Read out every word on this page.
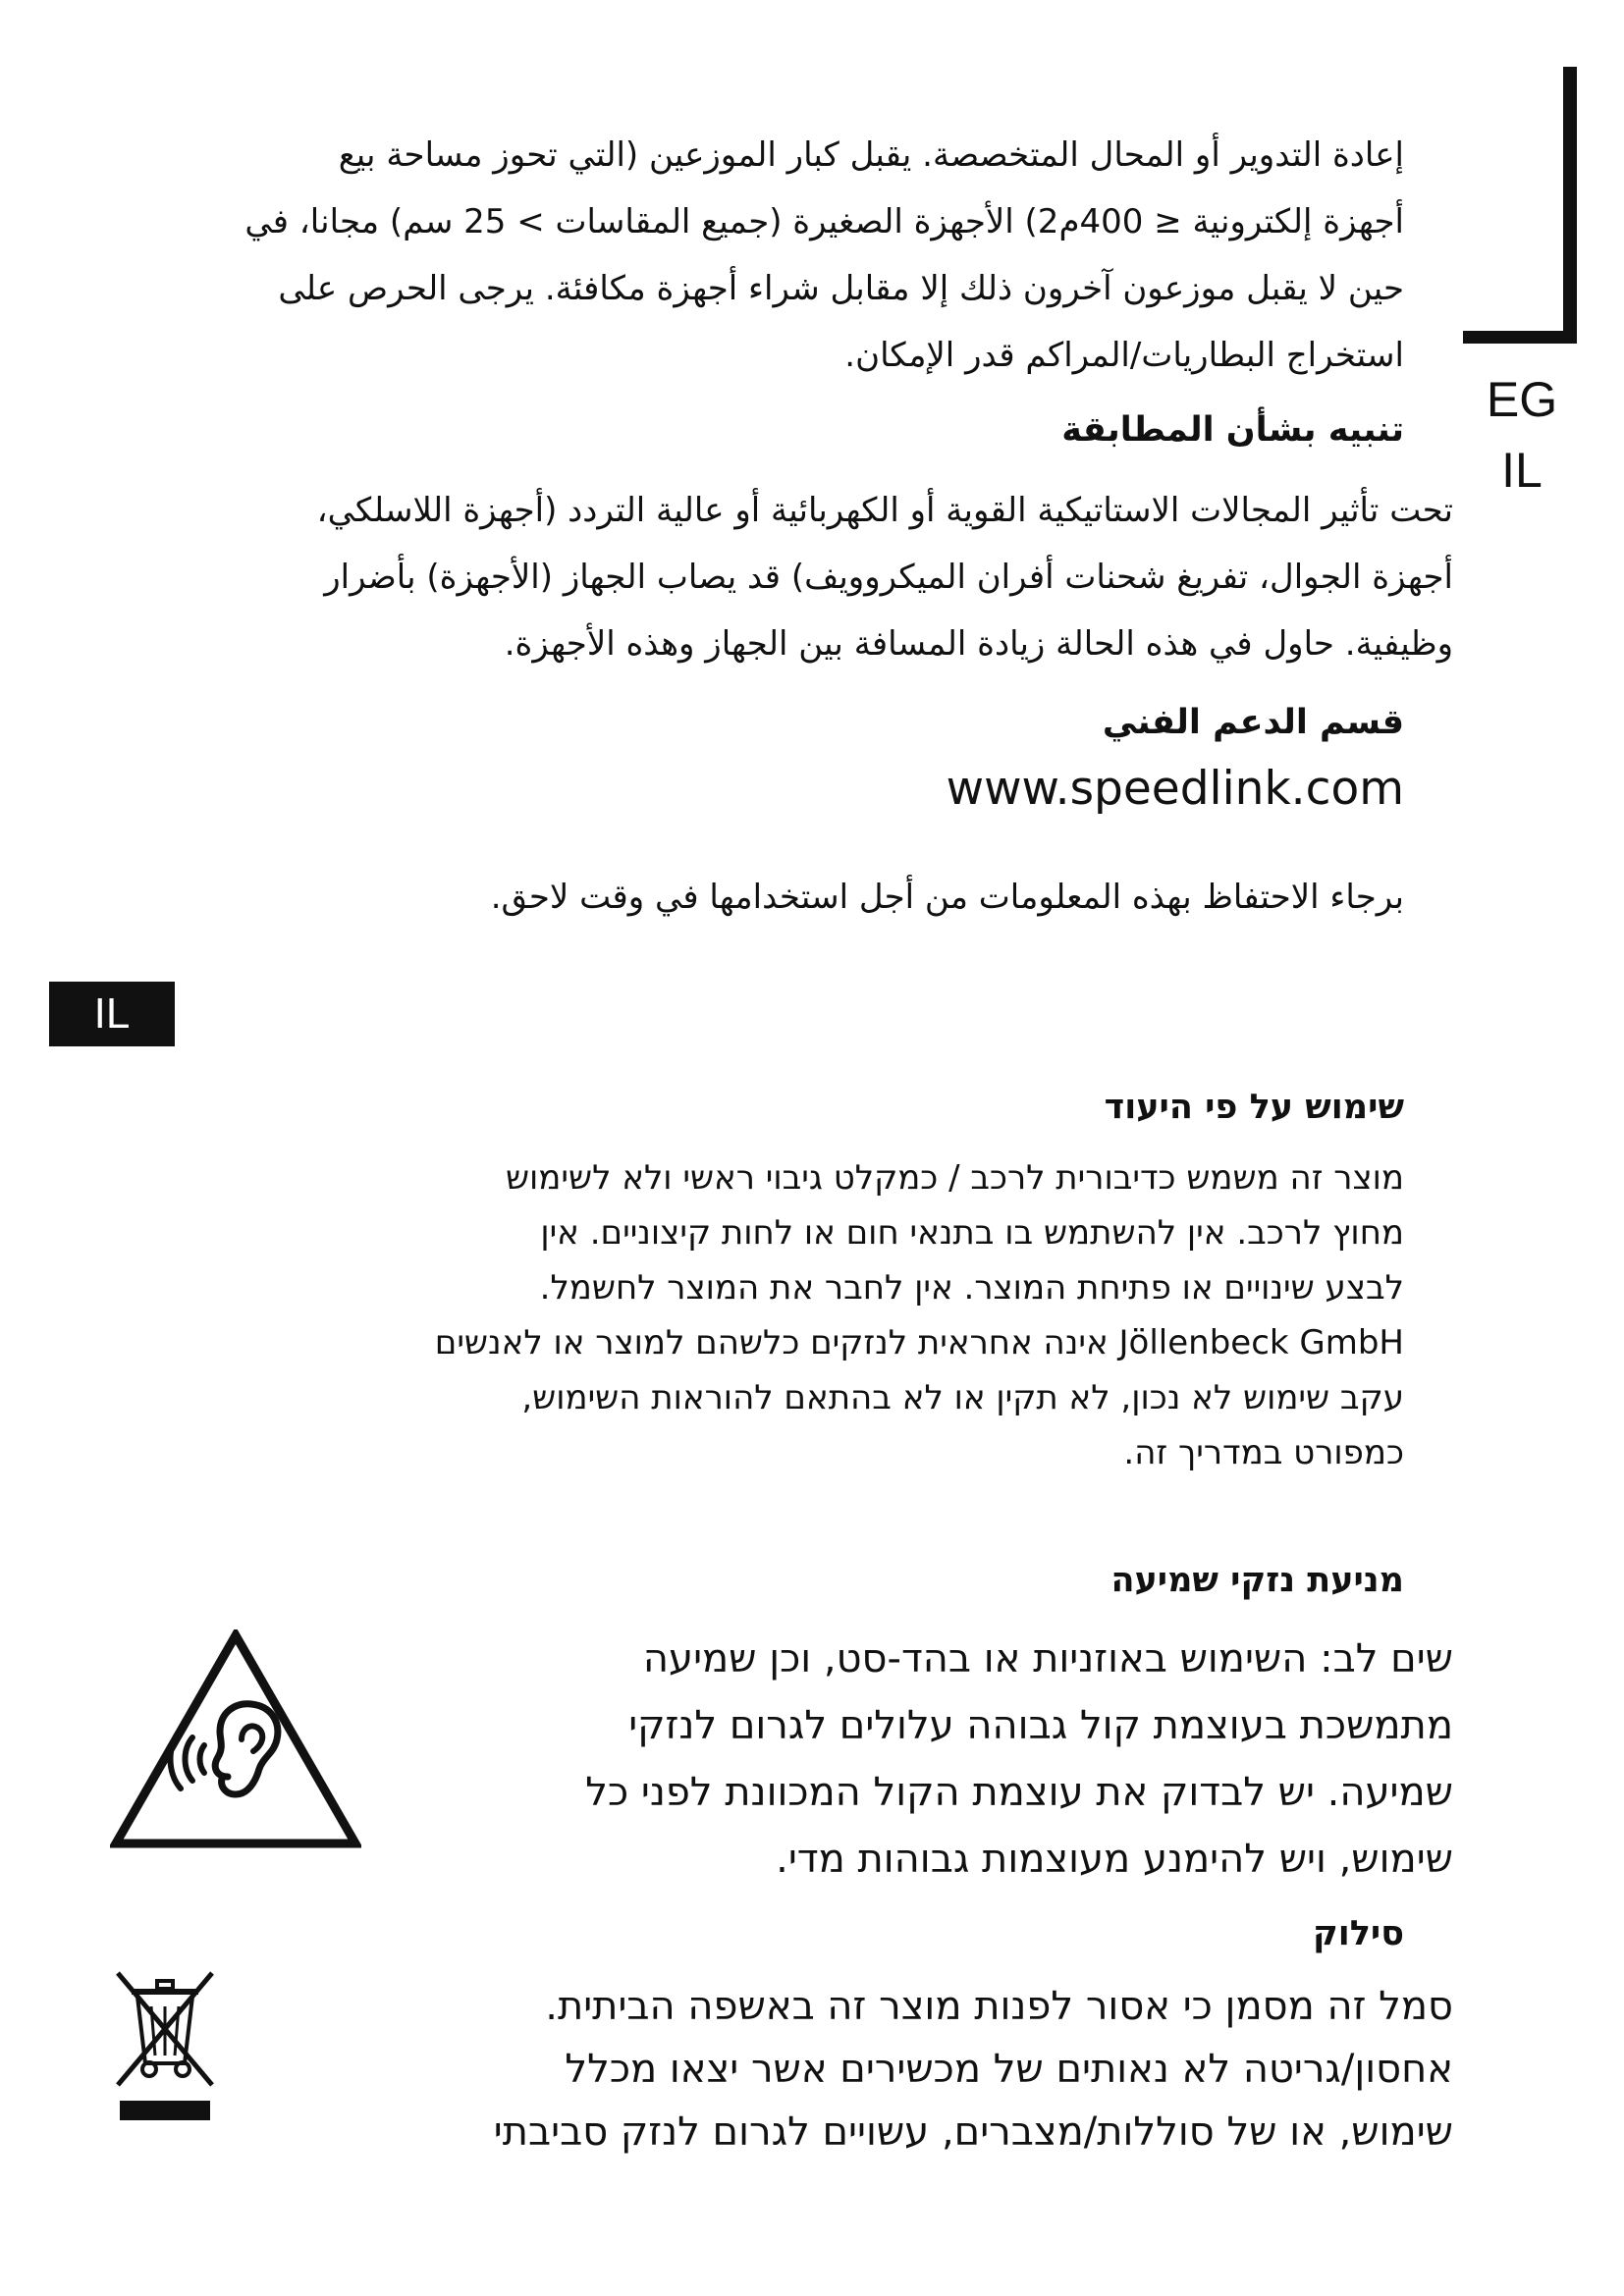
EG
IL
إعادة التدوير أو المحال المتخصصة. يقبل كبار الموزعين (التي تحوز مساحة بيع
أجهزة إلكترونية ≤ 400م2) الأجهزة الصغيرة (جميع المقاسات > 25 سم) مجانا، في
حين لا يقبل موزعون آخرون ذلك إلا مقابل شراء أجهزة مكافئة. يرجى الحرص على
استخراج البطاريات/المراكم قدر الإمكان.
تنبيه بشأن المطابقة
تحت تأثير المجالات الاستاتيكية القوية أو الكهربائية أو عالية التردد (أجهزة اللاسلكي،
أجهزة الجوال، تفريغ شحنات أفران الميكروويف) قد يصاب الجهاز (الأجهزة) بأضرار
وظيفية. حاول في هذه الحالة زيادة المسافة بين الجهاز وهذه الأجهزة.
قسم الدعم الفني
www.speedlink.com
برجاء الاحتفاظ بهذه المعلومات من أجل استخدامها في وقت لاحق.
IL
שימוש על פי היעוד
מוצר זה משמש כדיבורית לרכב / כמקלט גיבוי ראשי ולא לשימוש
מחוץ לרכב. אין להשתמש בו בתנאי חום או לחות קיצוניים. אין
לבצע שינויים או פתיחת המוצר. אין לחבר את המוצר לחשמל.
Jöllenbeck GmbH אינה אחראית לנזקים כלשהם למוצר או לאנשים
עקב שימוש לא נכון, לא תקין או לא בהתאם להוראות השימוש,
כמפורט במדריך זה.
מניעת נזקי שמיעה
שים לב: השימוש באוזניות או בהד-סט, וכן שמיעה
מתמשכת בעוצמת קול גבוהה עלולים לגרום לנזקי
שמיעה. יש לבדוק את עוצמת הקול המכוונת לפני כל
שימוש, ויש להימנע מעוצמות גבוהות מדי.
סילוק
סמל זה מסמן כי אסור לפנות מוצר זה באשפה הביתית.
אחסון/גריטה לא נאותים של מכשירים אשר יצאו מכלל
שימוש, או של סוללות/מצברים, עשויים לגרום לנזק סביבתי
